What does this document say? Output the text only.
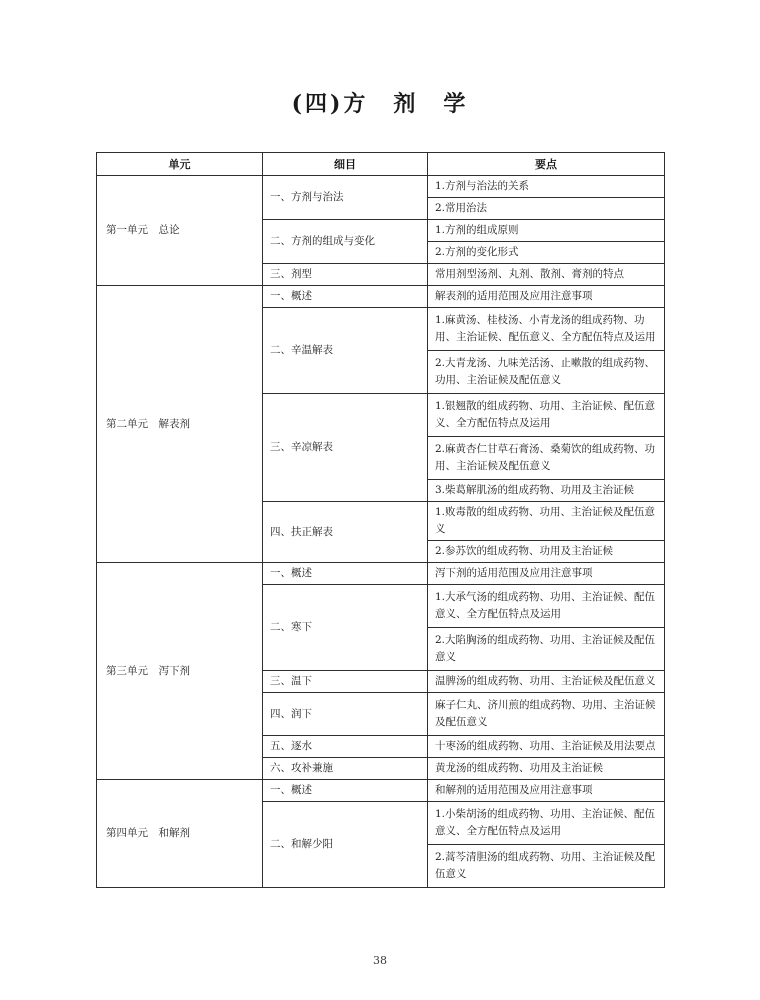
(四)方　剂　学
单元	细目	要点
第一单元　总论	一、方剂与治法	1.方剂与治法的关系
		2.常用治法
	二、方剂的组成与变化	1.方剂的组成原则
		2.方剂的变化形式
	三、剂型	常用剂型汤剂、丸剂、散剂、膏剂的特点
第二单元　解表剂	一、概述	解表剂的适用范围及应用注意事项
	二、辛温解表	1.麻黄汤、桂枝汤、小青龙汤的组成药物、功用、主治证候、配伍意义、全方配伍特点及运用
		2.大青龙汤、九味羌活汤、止嗽散的组成药物、功用、主治证候及配伍意义
	三、辛凉解表	1.银翘散的组成药物、功用、主治证候、配伍意义、全方配伍特点及运用
		2.麻黄杏仁甘草石膏汤、桑菊饮的组成药物、功用、主治证候及配伍意义
		3.柴葛解肌汤的组成药物、功用及主治证候
	四、扶正解表	1.败毒散的组成药物、功用、主治证候及配伍意义
		2.参苏饮的组成药物、功用及主治证候
第三单元　泻下剂	一、概述	泻下剂的适用范围及应用注意事项
	二、寒下	1.大承气汤的组成药物、功用、主治证候、配伍意义、全方配伍特点及运用
		2.大陷胸汤的组成药物、功用、主治证候及配伍意义
	三、温下	温脾汤的组成药物、功用、主治证候及配伍意义
	四、润下	麻子仁丸、济川煎的组成药物、功用、主治证候及配伍意义
	五、逐水	十枣汤的组成药物、功用、主治证候及用法要点
	六、攻补兼施	黄龙汤的组成药物、功用及主治证候
第四单元　和解剂	一、概述	和解剂的适用范围及应用注意事项
	二、和解少阳	1.小柴胡汤的组成药物、功用、主治证候、配伍意义、全方配伍特点及运用
		2.蒿芩清胆汤的组成药物、功用、主治证候及配伍意义
38
